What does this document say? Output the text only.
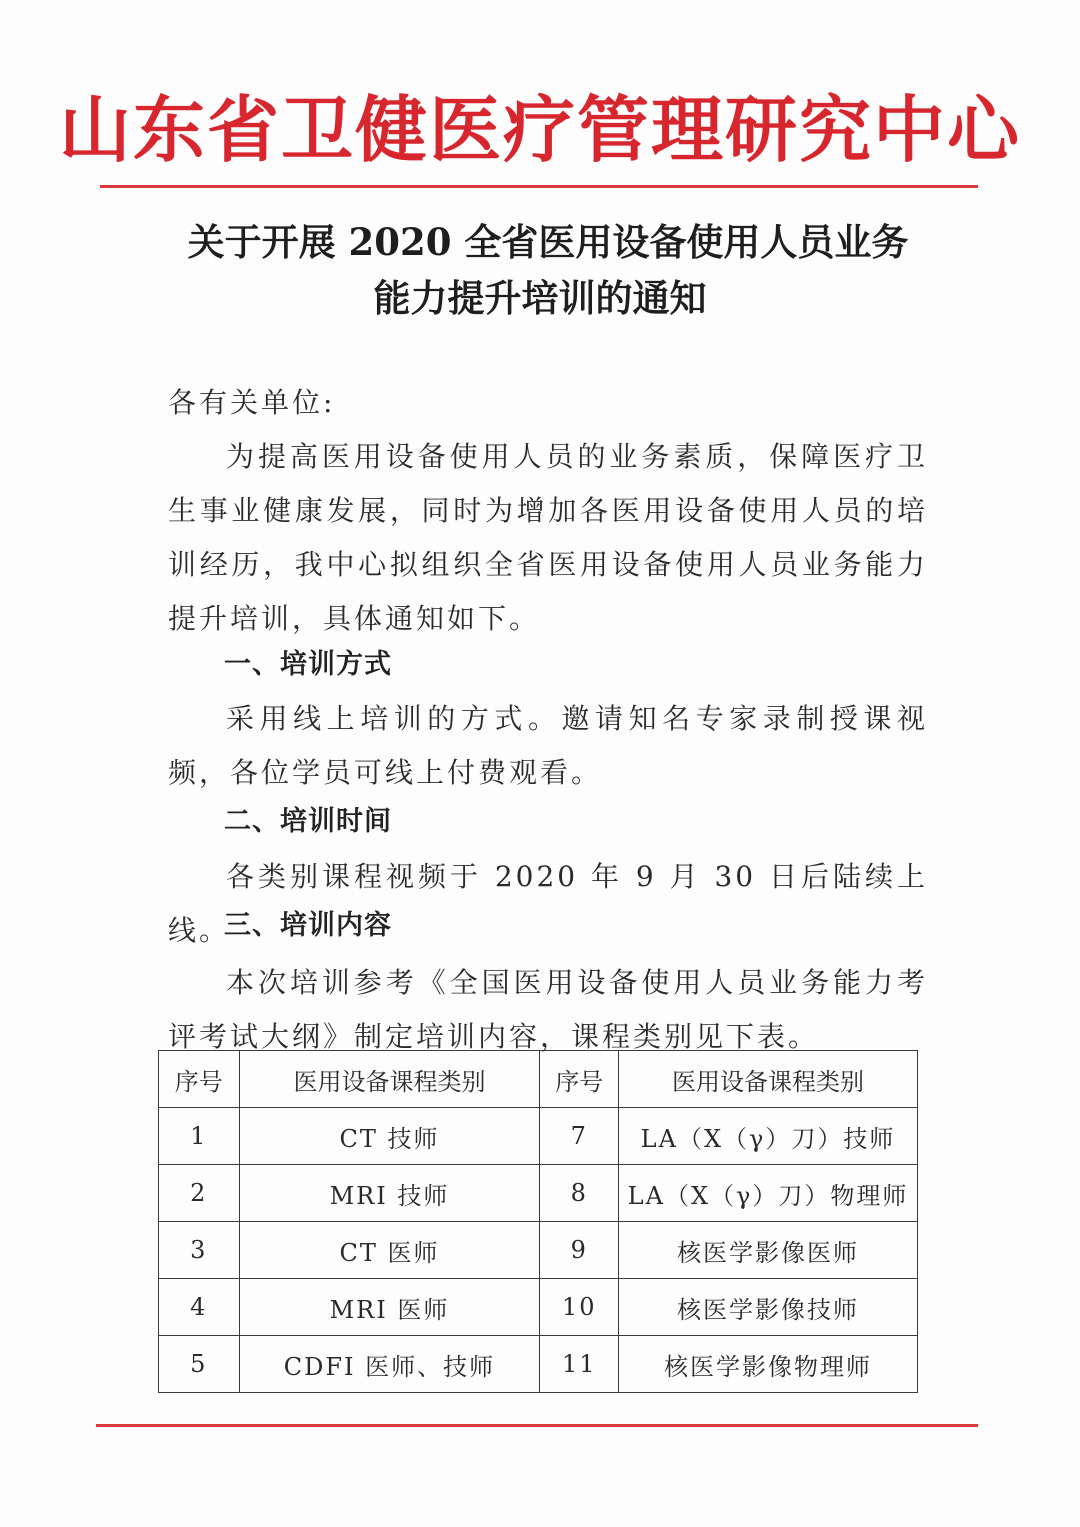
山东省卫健医疗管理研究中心
关于开展 2020 全省医用设备使用人员业务
能力提升培训的通知

各有关单位:

为提高医用设备使用人员的业务素质，保障医疗卫生事业健康发展，同时为增加各医用设备使用人员的培训经历，我中心拟组织全省医用设备使用人员业务能力提升培训，具体通知如下。

一、培训方式

采用线上培训的方式。邀请知名专家录制授课视频，各位学员可线上付费观看。

二、培训时间

各类别课程视频于 2020 年 9 月 30 日后陆续上线。

三、培训内容

本次培训参考《全国医用设备使用人员业务能力考评考试大纲》制定培训内容，课程类别见下表。

序号	医用设备课程类别	序号	医用设备课程类别
1	CT 技师	7	LA（X（γ）刀）技师
2	MRI 技师	8	LA（X（γ）刀）物理师
3	CT 医师	9	核医学影像医师
4	MRI 医师	10	核医学影像技师
5	CDFI 医师、技师	11	核医学影像物理师
